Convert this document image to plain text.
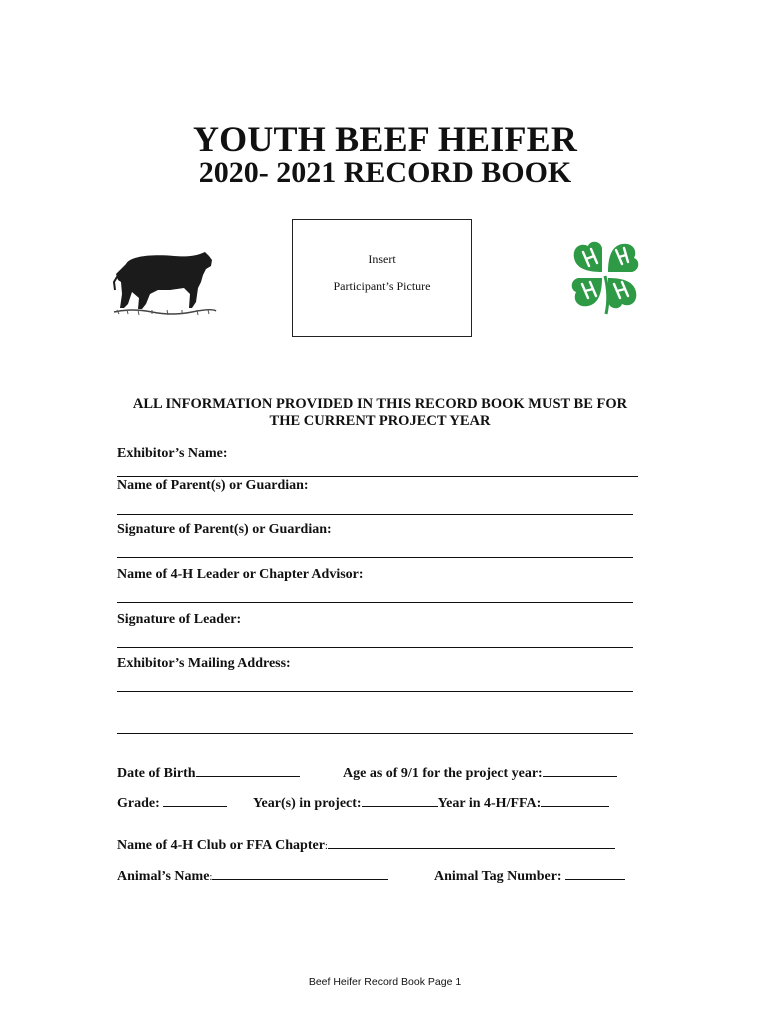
YOUTH BEEF HEIFER
2020- 2021 RECORD BOOK
Insert
Participant’s Picture
ALL INFORMATION PROVIDED IN THIS RECORD BOOK MUST BE FOR
THE CURRENT PROJECT YEAR
Exhibitor’s Name:
Name of Parent(s) or Guardian:
Signature of Parent(s) or Guardian:
Name of 4-H Leader or Chapter Advisor:
Signature of Leader:
Exhibitor’s Mailing Address:
Date of Birth	Age as of 9/1 for the project year:
Grade:	Year(s) in project:	Year in 4-H/FFA:
Name of 4-H Club or FFA Chapter:
Animal’s Name:	Animal Tag Number:
Beef Heifer Record Book Page 1
